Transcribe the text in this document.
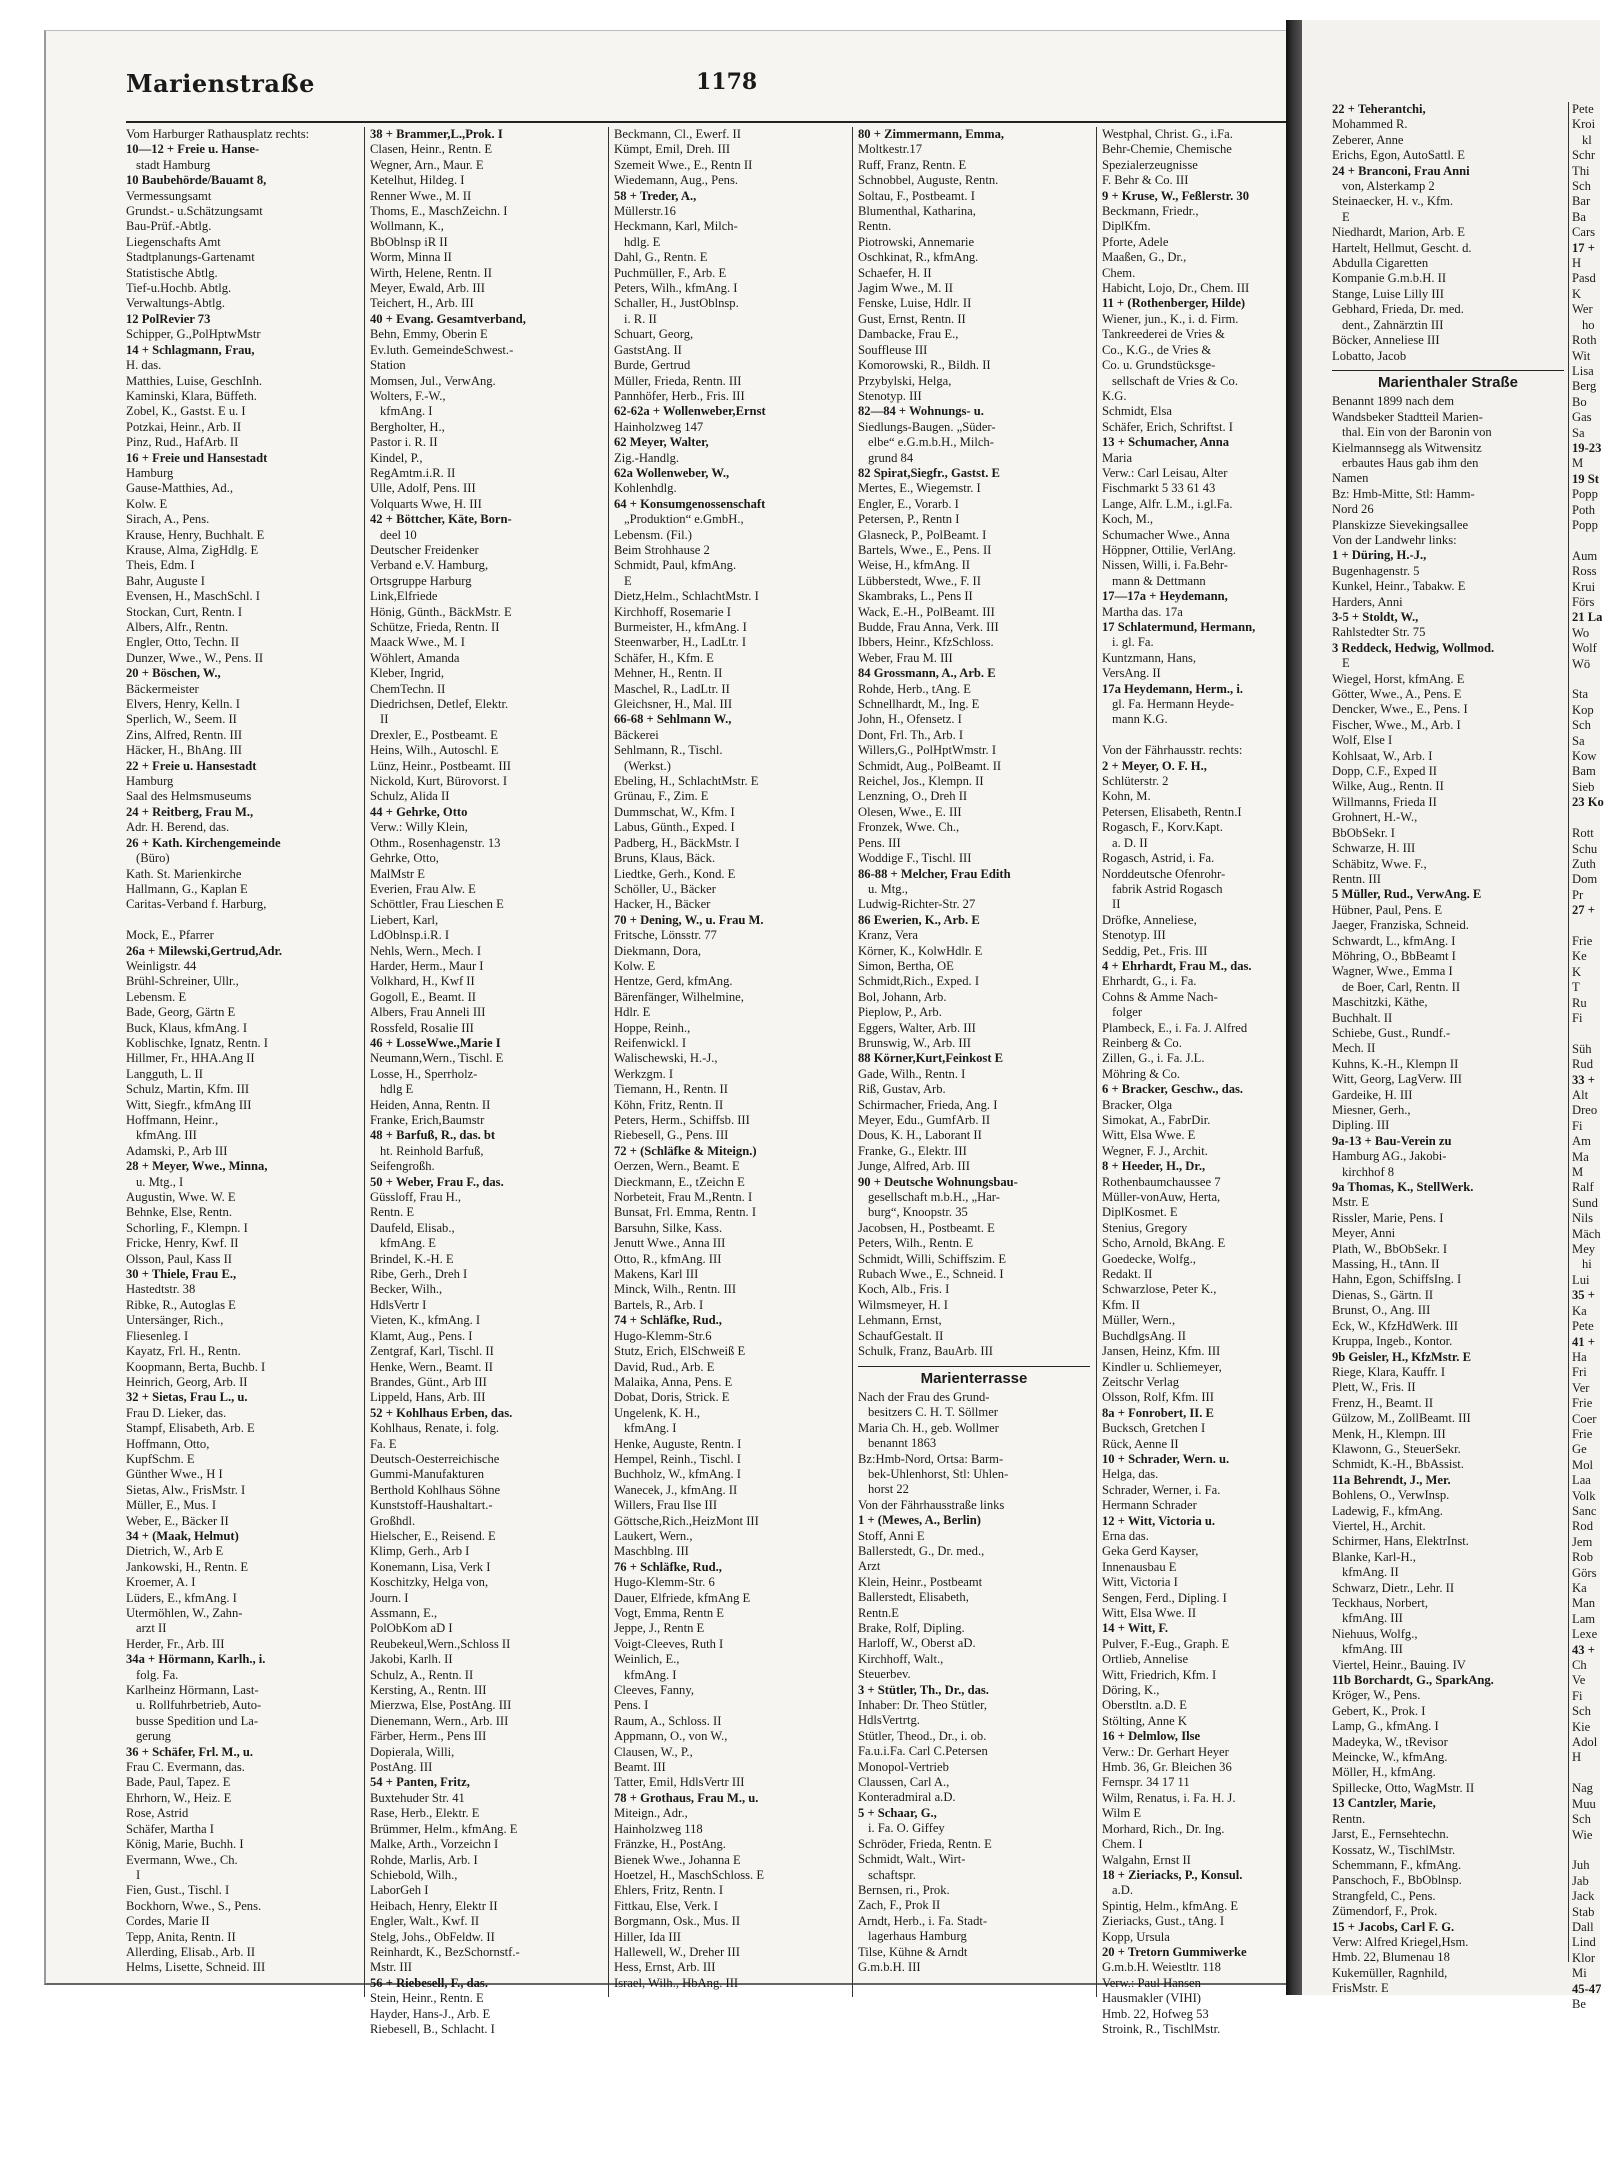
Marienstraße	1178
Vom Harburger Rathausplatz rechts:
10—12 + Freie u. Hanse-
stadt Hamburg
10 Baubehörde/Bauamt 8,
Vermessungsamt
Grundst.- u.Schätzungsamt
Bau-Prüf.-Abtlg.
Liegenschafts Amt
Stadtplanungs-Gartenamt
Statistische Abtlg.
Tief-u.Hochb. Abtlg.
Verwaltungs-Abtlg.
12 PolRevier 73
Schipper, G.,PolHptwMstr
14 + Schlagmann, Frau,
H. das.
Matthies, Luise, GeschInh.
Kaminski, Klara, Büffeth.
Zobel, K., Gastst. E u. I
Potzkai, Heinr., Arb. II
Pinz, Rud., HafArb. II
16 + Freie und Hansestadt
Hamburg
Gause-Matthies, Ad.,
Kolw. E
Sirach, A., Pens.
Krause, Henry, Buchhalt. E
Krause, Alma, ZigHdlg. E
Theis, Edm. I
Bahr, Auguste I
Evensen, H., MaschSchl. I
Stockan, Curt, Rentn. I
Albers, Alfr., Rentn.
Engler, Otto, Techn. II
Dunzer, Wwe., W., Pens. II
20 + Böschen, W.,
Bäckermeister
Elvers, Henry, Kelln. I
Sperlich, W., Seem. II
Zins, Alfred, Rentn. III
Häcker, H., BhAng. III
22 + Freie u. Hansestadt
Hamburg
Saal des Helmsmuseums
24 + Reitberg, Frau M.,
Adr. H. Berend, das.
26 + Kath. Kirchengemeinde
(Büro)
Kath. St. Marienkirche
Hallmann, G., Kaplan E
Caritas-Verband f. Harburg,

Mock, E., Pfarrer
26a + Milewski,Gertrud,Adr.
Weinligstr. 44
Brühl-Schreiner, Ullr.,
Lebensm. E
Bade, Georg, Gärtn E
Buck, Klaus, kfmAng. I
Koblischke, Ignatz, Rentn. I
Hillmer, Fr., HHA.Ang II
Langguth, L. II
Schulz, Martin, Kfm. III
Witt, Siegfr., kfmAng III
Hoffmann, Heinr.,
kfmAng. III
Adamski, P., Arb III
28 + Meyer, Wwe., Minna,
u. Mtg., I
Augustin, Wwe. W. E
Behnke, Else, Rentn.
Schorling, F., Klempn. I
Fricke, Henry, Kwf. II
Olsson, Paul, Kass II
30 + Thiele, Frau E.,
Hastedtstr. 38
Ribke, R., Autoglas E
Untersänger, Rich.,
Fliesenleg. I
Kayatz, Frl. H., Rentn.
Koopmann, Berta, Buchb. I
Heinrich, Georg, Arb. II
32 + Sietas, Frau L., u.
Frau D. Lieker, das.
Stampf, Elisabeth, Arb. E
Hoffmann, Otto,
KupfSchm. E
Günther Wwe., H I
Sietas, Alw., FrisMstr. I
Müller, E., Mus. I
Weber, E., Bäcker II
34 + (Maak, Helmut)
Dietrich, W., Arb E
Jankowski, H., Rentn. E
Kroemer, A. I
Lüders, E., kfmAng. I
Utermöhlen, W., Zahn-
arzt II
Herder, Fr., Arb. III
34a + Hörmann, Karlh., i.
folg. Fa.
Karlheinz Hörmann, Last-
u. Rollfuhrbetrieb, Auto-
busse Spedition und La-
gerung
36 + Schäfer, Frl. M., u.
Frau C. Evermann, das.
Bade, Paul, Tapez. E
Ehrhorn, W., Heiz. E
Rose, Astrid
Schäfer, Martha I
König, Marie, Buchh. I
Evermann, Wwe., Ch.
I
Fien, Gust., Tischl. I
Bockhorn, Wwe., S., Pens.
Cordes, Marie II
Tepp, Anita, Rentn. II
Allerding, Elisab., Arb. II
Helms, Lisette, Schneid. III
38 + Brammer,L.,Prok. I
Clasen, Heinr., Rentn. E
Wegner, Arn., Maur. E
Ketelhut, Hildeg. I
Renner Wwe., M. II
Thoms, E., MaschZeichn. I
Wollmann, K.,
BbOblnsp iR II
Worm, Minna II
Wirth, Helene, Rentn. II
Meyer, Ewald, Arb. III
Teichert, H., Arb. III
40 + Evang. Gesamtverband,
Behn, Emmy, Oberin E
Ev.luth. GemeindeSchwest.-
Station
Momsen, Jul., VerwAng.
Wolters, F.-W.,
kfmAng. I
Bergholter, H.,
Pastor i. R. II
Kindel, P.,
RegAmtm.i.R. II
Ulle, Adolf, Pens. III
Volquarts Wwe, H. III
42 + Böttcher, Käte, Born-
deel 10
Deutscher Freidenker
Verband e.V. Hamburg,
Ortsgruppe Harburg
Link,Elfriede
Hönig, Günth., BäckMstr. E
Schütze, Frieda, Rentn. II
Maack Wwe., M. I
Wöhlert, Amanda
Kleber, Ingrid,
ChemTechn. II
Diedrichsen, Detlef, Elektr.
II
Drexler, E., Postbeamt. E
Heins, Wilh., Autoschl. E
Lünz, Heinr., Postbeamt. III
Nickold, Kurt, Bürovorst. I
Schulz, Alida II
44 + Gehrke, Otto
Verw.: Willy Klein,
Othm., Rosenhagenstr. 13
Gehrke, Otto,
MalMstr E
Everien, Frau Alw. E
Schöttler, Frau Lieschen E
Liebert, Karl,
LdOblnsp.i.R. I
Nehls, Wern., Mech. I
Harder, Herm., Maur I
Volkhard, H., Kwf II
Gogoll, E., Beamt. II
Albers, Frau Anneli III
Rossfeld, Rosalie III
46 + LosseWwe.,Marie I
Neumann,Wern., Tischl. E
Losse, H., Sperrholz-
hdlg E
Heiden, Anna, Rentn. II
Franke, Erich,Baumstr
48 + Barfuß, R., das. bt
ht. Reinhold Barfuß,
Seifengroßh.
50 + Weber, Frau F., das.
Güssloff, Frau H.,
Rentn. E
Daufeld, Elisab.,
kfmAng. E
Brindel, K.-H. E
Ribe, Gerh., Dreh I
Becker, Wilh.,
HdlsVertr I
Vieten, K., kfmAng. I
Klamt, Aug., Pens. I
Zentgraf, Karl, Tischl. II
Henke, Wern., Beamt. II
Brandes, Günt., Arb III
Lippeld, Hans, Arb. III
52 + Kohlhaus Erben, das.
Kohlhaus, Renate, i. folg.
Fa. E
Deutsch-Oesterreichische
Gummi-Manufakturen
Berthold Kohlhaus Söhne
Kunststoff-Haushaltart.-
Großhdl.
Hielscher, E., Reisend. E
Klimp, Gerh., Arb I
Konemann, Lisa, Verk I
Koschitzky, Helga von,
Journ. I
Assmann, E.,
PolObKom aD I
Reubekeul,Wern.,Schloss II
Jakobi, Karlh. II
Schulz, A., Rentn. II
Kersting, A., Rentn. III
Mierzwa, Else, PostAng. III
Dienemann, Wern., Arb. III
Färber, Herm., Pens III
Dopierala, Willi,
PostAng. III
54 + Panten, Fritz,
Buxtehuder Str. 41
Rase, Herb., Elektr. E
Brümmer, Helm., kfmAng. E
Malke, Arth., Vorzeichn I
Rohde, Marlis, Arb. I
Schiebold, Wilh.,
LaborGeh I
Heibach, Henry, Elektr II
Engler, Walt., Kwf. II
Stelg, Johs., ObFeldw. II
Reinhardt, K., BezSchornstf.-
Mstr. III
56 + Riebesell, F., das.
Stein, Heinr., Rentn. E
Hayder, Hans-J., Arb. E
Riebesell, B., Schlacht. I
Beckmann, Cl., Ewerf. II
Kümpt, Emil, Dreh. III
Szemeit Wwe., E., Rentn II
Wiedemann, Aug., Pens.
58 + Treder, A.,
Müllerstr.16
Heckmann, Karl, Milch-
hdlg. E
Dahl, G., Rentn. E
Puchmüller, F., Arb. E
Peters, Wilh., kfmAng. I
Schaller, H., JustOblnsp.
i. R. II
Schuart, Georg,
GaststAng. II
Burde, Gertrud
Müller, Frieda, Rentn. III
Pannhöfer, Herb., Fris. III
62-62a + Wollenweber,Ernst
Hainholzweg 147
62 Meyer, Walter,
Zig.-Handlg.
62a Wollenweber, W.,
Kohlenhdlg.
64 + Konsumgenossenschaft
„Produktion“ e.GmbH.,
Lebensm. (Fil.)
Beim Strohhause 2
Schmidt, Paul, kfmAng.
E
Dietz,Helm., SchlachtMstr. I
Kirchhoff, Rosemarie I
Burmeister, H., kfmAng. I
Steenwarber, H., LadLtr. I
Schäfer, H., Kfm. E
Mehner, H., Rentn. II
Maschel, R., LadLtr. II
Gleichsner, H., Mal. III
66-68 + Sehlmann W.,
Bäckerei
Sehlmann, R., Tischl.
(Werkst.)
Ebeling, H., SchlachtMstr. E
Grünau, F., Zim. E
Dummschat, W., Kfm. I
Labus, Günth., Exped. I
Padberg, H., BäckMstr. I
Bruns, Klaus, Bäck.
Liedtke, Gerh., Kond. E
Schöller, U., Bäcker
Hacker, H., Bäcker
70 + Dening, W., u. Frau M.
Fritsche, Lönsstr. 77
Diekmann, Dora,
Kolw. E
Hentze, Gerd, kfmAng.
Bärenfänger, Wilhelmine,
Hdlr. E
Hoppe, Reinh.,
Reifenwickl. I
Walischewski, H.-J.,
Werkzgm. I
Tiemann, H., Rentn. II
Köhn, Fritz, Rentn. II
Peters, Herm., Schiffsb. III
Riebesell, G., Pens. III
72 + (Schläfke & Miteign.)
Oerzen, Wern., Beamt. E
Dieckmann, E., tZeichn E
Norbeteit, Frau M.,Rentn. I
Bunsat, Frl. Emma, Rentn. I
Barsuhn, Silke, Kass.
Jenutt Wwe., Anna III
Otto, R., kfmAng. III
Makens, Karl III
Minck, Wilh., Rentn. III
Bartels, R., Arb. I
74 + Schläfke, Rud.,
Hugo-Klemm-Str.6
Stutz, Erich, ElSchweiß E
David, Rud., Arb. E
Malaika, Anna, Pens. E
Dobat, Doris, Strick. E
Ungelenk, K. H.,
kfmAng. I
Henke, Auguste, Rentn. I
Hempel, Reinh., Tischl. I
Buchholz, W., kfmAng. I
Wanecek, J., kfmAng. II
Willers, Frau Ilse III
Göttsche,Rich.,HeizMont III
Laukert, Wern.,
Maschblng. III
76 + Schläfke, Rud.,
Hugo-Klemm-Str. 6
Dauer, Elfriede, kfmAng E
Vogt, Emma, Rentn E
Jeppe, J., Rentn E
Voigt-Cleeves, Ruth I
Weinlich, E.,
kfmAng. I
Cleeves, Fanny,
Pens. I
Raum, A., Schloss. II
Appmann, O., von W.,
Clausen, W., P.,
Beamt. III
Tatter, Emil, HdlsVertr III
78 + Grothaus, Frau M., u.
Miteign., Adr.,
Hainholzweg 118
Fränzke, H., PostAng.
Bienek Wwe., Johanna E
Hoetzel, H., MaschSchloss. E
Ehlers, Fritz, Rentn. I
Fittkau, Else, Verk. I
Borgmann, Osk., Mus. II
Hiller, Ida III
Hallewell, W., Dreher III
Hess, Ernst, Arb. III
Israel, Wilh., HbAng. III
80 + Zimmermann, Emma,
Moltkestr.17
Ruff, Franz, Rentn. E
Schnobbel, Auguste, Rentn.
Soltau, F., Postbeamt. I
Blumenthal, Katharina,
Rentn.
Piotrowski, Annemarie
Oschkinat, R., kfmAng.
Schaefer, H. II
Jagim Wwe., M. II
Fenske, Luise, Hdlr. II
Gust, Ernst, Rentn. II
Dambacke, Frau E.,
Souffleuse III
Komorowski, R., Bildh. II
Przybylski, Helga,
Stenotyp. III
82—84 + Wohnungs- u.
Siedlungs-Baugen. „Süder-
elbe“ e.G.m.b.H., Milch-
grund 84
82 Spirat,Siegfr., Gastst. E
Mertes, E., Wiegemstr. I
Engler, E., Vorarb. I
Petersen, P., Rentn I
Glasneck, P., PolBeamt. I
Bartels, Wwe., E., Pens. II
Weise, H., kfmAng. II
Lübberstedt, Wwe., F. II
Skambraks, L., Pens II
Wack, E.-H., PolBeamt. III
Budde, Frau Anna, Verk. III
Ibbers, Heinr., KfzSchloss.
Weber, Frau M. III
84 Grossmann, A., Arb. E
Rohde, Herb., tAng. E
Schnellhardt, M., Ing. E
John, H., Ofensetz. I
Dont, Frl. Th., Arb. I
Willers,G., PolHptWmstr. I
Schmidt, Aug., PolBeamt. II
Reichel, Jos., Klempn. II
Lenzning, O., Dreh II
Olesen, Wwe., E. III
Fronzek, Wwe. Ch.,
Pens. III
Woddige F., Tischl. III
86-88 + Melcher, Frau Edith
u. Mtg.,
Ludwig-Richter-Str. 27
86 Ewerien, K., Arb. E
Kranz, Vera
Körner, K., KolwHdlr. E
Simon, Bertha, OE
Schmidt,Rich., Exped. I
Bol, Johann, Arb.
Pieplow, P., Arb.
Eggers, Walter, Arb. III
Brunswig, W., Arb. III
88 Körner,Kurt,Feinkost E
Gade, Wilh., Rentn. I
Riß, Gustav, Arb.
Schirmacher, Frieda, Ang. I
Meyer, Edu., GumfArb. II
Dous, K. H., Laborant II
Franke, G., Elektr. III
Junge, Alfred, Arb. III
90 + Deutsche Wohnungsbau-
gesellschaft m.b.H., „Har-
burg“, Knoopstr. 35
Jacobsen, H., Postbeamt. E
Peters, Wilh., Rentn. E
Schmidt, Willi, Schiffszim. E
Rubach Wwe., E., Schneid. I
Koch, Alb., Fris. I
Wilmsmeyer, H. I
Lehmann, Ernst,
SchaufGestalt. II
Schulk, Franz, BauArb. III
Marienterrasse
Nach der Frau des Grund-
besitzers C. H. T. Söllmer
Maria Ch. H., geb. Wollmer
benannt 1863
Bz:Hmb-Nord, Ortsa: Barm-
bek-Uhlenhorst, Stl: Uhlen-
horst 22
Von der Fährhausstraße links
1 + (Mewes, A., Berlin)
Stoff, Anni E
Ballerstedt, G., Dr. med.,
Arzt
Klein, Heinr., Postbeamt
Ballerstedt, Elisabeth,
Rentn.E
Brake, Rolf, Dipling.
Harloff, W., Oberst aD.
Kirchhoff, Walt.,
Steuerbev.
3 + Stütler, Th., Dr., das.
Inhaber: Dr. Theo Stütler,
HdlsVertrtg.
Stütler, Theod., Dr., i. ob.
Fa.u.i.Fa. Carl C.Petersen
Monopol-Vertrieb
Claussen, Carl A.,
Konteradmiral a.D.
5 + Schaar, G.,
i. Fa. O. Giffey
Schröder, Frieda, Rentn. E
Schmidt, Walt., Wirt-
schaftspr.
Bernsen, ri., Prok.
Zach, F., Prok II
Arndt, Herb., i. Fa. Stadt-
lagerhaus Hamburg
Tilse, Kühne & Arndt
G.m.b.H. III
Westphal, Christ. G., i.Fa.
Behr-Chemie, Chemische
Spezialerzeugnisse
F. Behr & Co. III
9 + Kruse, W., Feßlerstr. 30
Beckmann, Friedr.,
DiplKfm.
Pforte, Adele
Maaßen, G., Dr.,
Chem.
Habicht, Lojo, Dr., Chem. III
11 + (Rothenberger, Hilde)
Wiener, jun., K., i. d. Firm.
Tankreederei de Vries &
Co., K.G., de Vries &
Co. u. Grundstücksge-
sellschaft de Vries & Co.
K.G.
Schmidt, Elsa
Schäfer, Erich, Schriftst. I
13 + Schumacher, Anna
Maria
Verw.: Carl Leisau, Alter
Fischmarkt 5 33 61 43
Lange, Alfr. L.M., i.gl.Fa.
Koch, M.,
Schumacher Wwe., Anna
Höppner, Ottilie, VerlAng.
Nissen, Willi, i. Fa.Behr-
mann & Dettmann
17—17a + Heydemann,
Martha das. 17a
17 Schlatermund, Hermann,
i. gl. Fa.
Kuntzmann, Hans,
VersAng. II
17a Heydemann, Herm., i.
gl. Fa. Hermann Heyde-
mann K.G.

Von der Fährhausstr. rechts:
2 + Meyer, O. F. H.,
Schlüterstr. 2
Kohn, M.
Petersen, Elisabeth, Rentn.I
Rogasch, F., Korv.Kapt.
a. D. II
Rogasch, Astrid, i. Fa.
Norddeutsche Ofenrohr-
fabrik Astrid Rogasch
II
Dröfke, Anneliese,
Stenotyp. III
Seddig, Pet., Fris. III
4 + Ehrhardt, Frau M., das.
Ehrhardt, G., i. Fa.
Cohns & Amme Nach-
folger
Plambeck, E., i. Fa. J. Alfred
Reinberg & Co.
Zillen, G., i. Fa. J.L.
Möhring & Co.
6 + Bracker, Geschw., das.
Bracker, Olga
Simokat, A., FabrDir.
Witt, Elsa Wwe. E
Wegner, F. J., Archit.
8 + Heeder, H., Dr.,
Rothenbaumchaussee 7
Müller-vonAuw, Herta,
DiplKosmet. E
Stenius, Gregory
Scho, Arnold, BkAng. E
Goedecke, Wolfg.,
Redakt. II
Schwarzlose, Peter K.,
Kfm. II
Müller, Wern.,
BuchdlgsAng. II
Jansen, Heinz, Kfm. III
Kindler u. Schliemeyer,
Zeitschr Verlag
Olsson, Rolf, Kfm. III
8a + Fonrobert, II. E
Bucksch, Gretchen I
Rück, Aenne II
10 + Schrader, Wern. u.
Helga, das.
Schrader, Werner, i. Fa.
Hermann Schrader
12 + Witt, Victoria u.
Erna das.
Geka Gerd Kayser,
Innenausbau E
Witt, Victoria I
Sengen, Ferd., Dipling. I
Witt, Elsa Wwe. II
14 + Witt, F.
Pulver, F.-Eug., Graph. E
Ortlieb, Annelise
Witt, Friedrich, Kfm. I
Döring, K.,
Oberstltn. a.D. E
Stölting, Anne K
16 + Delmlow, Ilse
Verw.: Dr. Gerhart Heyer
Hmb. 36, Gr. Bleichen 36
Fernspr. 34 17 11
Wilm, Renatus, i. Fa. H. J.
Wilm E
Morhard, Rich., Dr. Ing.
Chem. I
Walgahn, Ernst II
18 + Zieriacks, P., Konsul.
a.D.
Spintig, Helm., kfmAng. E
Zieriacks, Gust., tAng. I
Kopp, Ursula
20 + Tretorn Gummiwerke
G.m.b.H. Weiestltr. 118
Verw.: Paul Hansen
Hausmakler (VIHI)
Hmb. 22, Hofweg 53
Stroink, R., TischlMstr.
22 + Teherantchi,
Mohammed R.
Zeberer, Anne
Erichs, Egon, AutoSattl. E
24 + Branconi, Frau Anni
von, Alsterkamp 2
Steinaecker, H. v., Kfm.
E
Niedhardt, Marion, Arb. E
Hartelt, Hellmut, Gescht. d.
Abdulla Cigaretten
Kompanie G.m.b.H. II
Stange, Luise Lilly III
Gebhard, Frieda, Dr. med.
dent., Zahnärztin III
Böcker, Anneliese III
Lobatto, Jacob
Marienthaler Straße
Benannt 1899 nach dem
Wandsbeker Stadtteil Marien-
thal. Ein von der Baronin von
Kielmannsegg als Witwensitz
erbautes Haus gab ihm den
Namen
Bz: Hmb-Mitte, Stl: Hamm-
Nord 26
Planskizze Sievekingsallee
Von der Landwehr links:
1 + Düring, H.-J.,
Bugenhagenstr. 5
Kunkel, Heinr., Tabakw. E
Harders, Anni
3-5 + Stoldt, W.,
Rahlstedter Str. 75
3 Reddeck, Hedwig, Wollmod.
E
Wiegel, Horst, kfmAng. E
Götter, Wwe., A., Pens. E
Dencker, Wwe., E., Pens. I
Fischer, Wwe., M., Arb. I
Wolf, Else I
Kohlsaat, W., Arb. I
Dopp, C.F., Exped II
Wilke, Aug., Rentn. II
Willmanns, Frieda II
Grohnert, H.-W.,
BbObSekr. I
Schwarze, H. III
Schäbitz, Wwe. F.,
Rentn. III
5 Müller, Rud., VerwAng. E
Hübner, Paul, Pens. E
Jaeger, Franziska, Schneid.
Schwardt, L., kfmAng. I
Möhring, O., BbBeamt I
Wagner, Wwe., Emma I
de Boer, Carl, Rentn. II
Maschitzki, Käthe,
Buchhalt. II
Schiebe, Gust., Rundf.-
Mech. II
Kuhns, K.-H., Klempn II
Witt, Georg, LagVerw. III
Gardeike, H. III
Miesner, Gerh.,
Dipling. III
9a-13 + Bau-Verein zu
Hamburg AG., Jakobi-
kirchhof 8
9a Thomas, K., StellWerk.
Mstr. E
Rissler, Marie, Pens. I
Meyer, Anni
Plath, W., BbObSekr. I
Massing, H., tAnn. II
Hahn, Egon, SchiffsIng. I
Dienas, S., Gärtn. II
Brunst, O., Ang. III
Eck, W., KfzHdWerk. III
Kruppa, Ingeb., Kontor.
9b Geisler, H., KfzMstr. E
Riege, Klara, Kauffr. I
Plett, W., Fris. II
Frenz, H., Beamt. II
Gülzow, M., ZollBeamt. III
Menk, H., Klempn. III
Klawonn, G., SteuerSekr.
Schmidt, K.-H., BbAssist.
11a Behrendt, J., Mer.
Bohlens, O., VerwInsp.
Ladewig, F., kfmAng.
Viertel, H., Archit.
Schirmer, Hans, ElektrInst.
Blanke, Karl-H.,
kfmAng. II
Schwarz, Dietr., Lehr. II
Teckhaus, Norbert,
kfmAng. III
Niehuus, Wolfg.,
kfmAng. III
Viertel, Heinr., Bauing. IV
11b Borchardt, G., SparkAng.
Kröger, W., Pens.
Gebert, K., Prok. I
Lamp, G., kfmAng. I
Madeyka, W., tRevisor
Meincke, W., kfmAng.
Möller, H., kfmAng.
Spillecke, Otto, WagMstr. II
13 Cantzler, Marie,
Rentn.
Jarst, E., Fernsehtechn.
Kossatz, W., TischlMstr.
Schemmann, F., kfmAng.
Panschoch, F., BbOblnsp.
Strangfeld, C., Pens.
Zümendorf, F., Prok.
15 + Jacobs, Carl F. G.
Verw: Alfred Kriegel,Hsm.
Hmb. 22, Blumenau 18
Kukemüller, Ragnhild,
FrisMstr. E
Pete
Kroi
kl
Schr
Thi
Sch
Bar
Ba
Cars
17 +
H
Pasd
K
Wer
ho
Roth
Wit
Lisa
Berg
Bo
Gas
Sa
19-23
M
19 St
Popp
Poth
Popp

Aum
Ross
Krui
Förs
21 La
Wo
Wolf
Wö

Sta
Kop
Sch
Sa
Kow
Bam
Sieb
23 Ko

Rott
Schu
Zuth
Dom
Pr
27 +

Frie
Ke
K
T
Ru
Fi

Süh
Rud
33 +
Alt
Dreo
Fi
Am
Ma
M
Ralf
Sund
Nils
Mäch
Mey
hi
Lui
35 +
Ka
Pete
41 +
Ha
Fri
Ver
Frie
Coer
Frie
Ge
Mol
Laa
Volk
Sanc
Rod
Jem
Rob
Görs
Ka
Man
Lam
Lexe
43 +
Ch
Ve
Fi
Sch
Kie
Adol
H

Nag
Muu
Sch
Wie

Juh
Jab
Jack
Stab
Dall
Lind
Klor
Mi
45-47
Be
